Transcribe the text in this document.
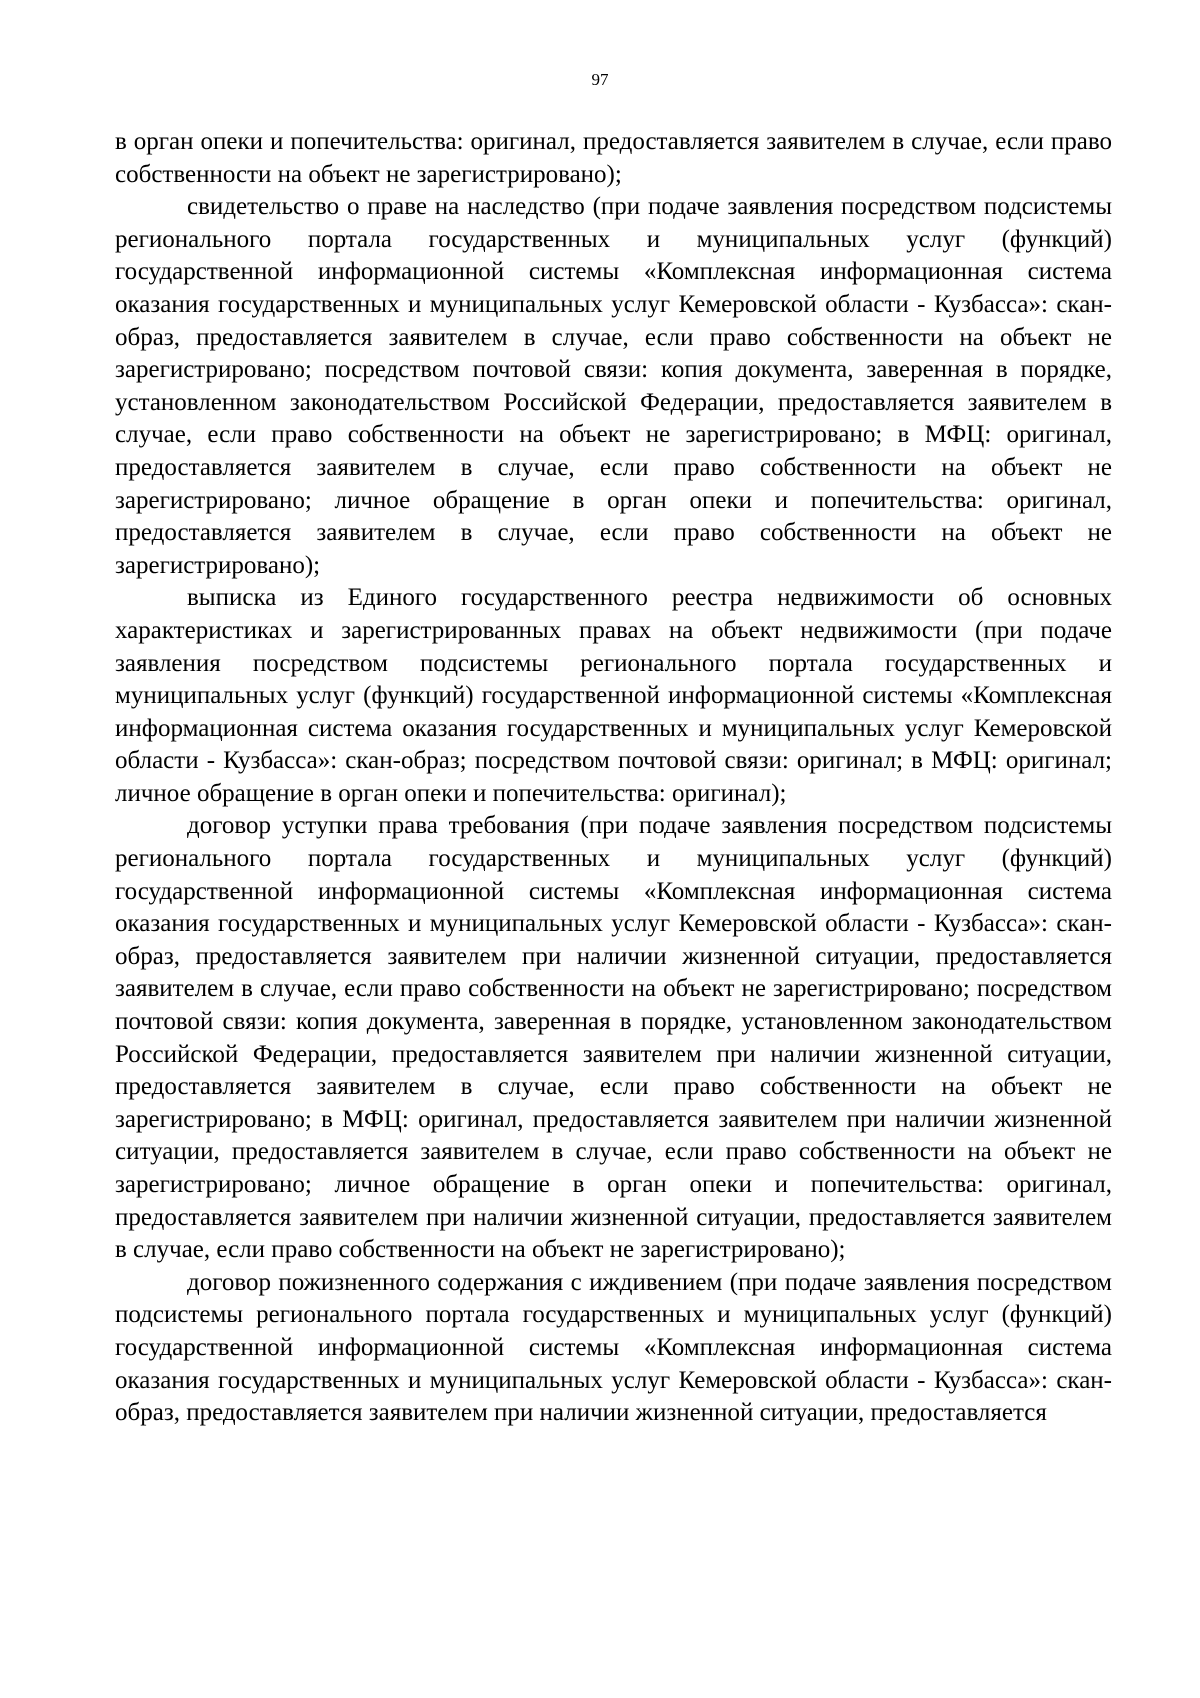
97

в орган опеки и попечительства: оригинал, предоставляется заявителем в случае, если право собственности на объект не зарегистрировано);

свидетельство о праве на наследство (при подаче заявления посредством подсистемы регионального портала государственных и муниципальных услуг (функций) государственной информационной системы «Комплексная информационная система оказания государственных и муниципальных услуг Кемеровской области - Кузбасса»: скан-образ, предоставляется заявителем в случае, если право собственности на объект не зарегистрировано; посредством почтовой связи: копия документа, заверенная в порядке, установленном законодательством Российской Федерации, предоставляется заявителем в случае, если право собственности на объект не зарегистрировано; в МФЦ: оригинал, предоставляется заявителем в случае, если право собственности на объект не зарегистрировано; личное обращение в орган опеки и попечительства: оригинал, предоставляется заявителем в случае, если право собственности на объект не зарегистрировано);

выписка из Единого государственного реестра недвижимости об основных характеристиках и зарегистрированных правах на объект недвижимости (при подаче заявления посредством подсистемы регионального портала государственных и муниципальных услуг (функций) государственной информационной системы «Комплексная информационная система оказания государственных и муниципальных услуг Кемеровской области - Кузбасса»: скан-образ; посредством почтовой связи: оригинал; в МФЦ: оригинал; личное обращение в орган опеки и попечительства: оригинал);

договор уступки права требования (при подаче заявления посредством подсистемы регионального портала государственных и муниципальных услуг (функций) государственной информационной системы «Комплексная информационная система оказания государственных и муниципальных услуг Кемеровской области - Кузбасса»: скан-образ, предоставляется заявителем при наличии жизненной ситуации, предоставляется заявителем в случае, если право собственности на объект не зарегистрировано; посредством почтовой связи: копия документа, заверенная в порядке, установленном законодательством Российской Федерации, предоставляется заявителем при наличии жизненной ситуации, предоставляется заявителем в случае, если право собственности на объект не зарегистрировано; в МФЦ: оригинал, предоставляется заявителем при наличии жизненной ситуации, предоставляется заявителем в случае, если право собственности на объект не зарегистрировано; личное обращение в орган опеки и попечительства: оригинал, предоставляется заявителем при наличии жизненной ситуации, предоставляется заявителем в случае, если право собственности на объект не зарегистрировано);

договор пожизненного содержания с иждивением (при подаче заявления посредством подсистемы регионального портала государственных и муниципальных услуг (функций) государственной информационной системы «Комплексная информационная система оказания государственных и муниципальных услуг Кемеровской области - Кузбасса»: скан-образ, предоставляется заявителем при наличии жизненной ситуации, предоставляется
